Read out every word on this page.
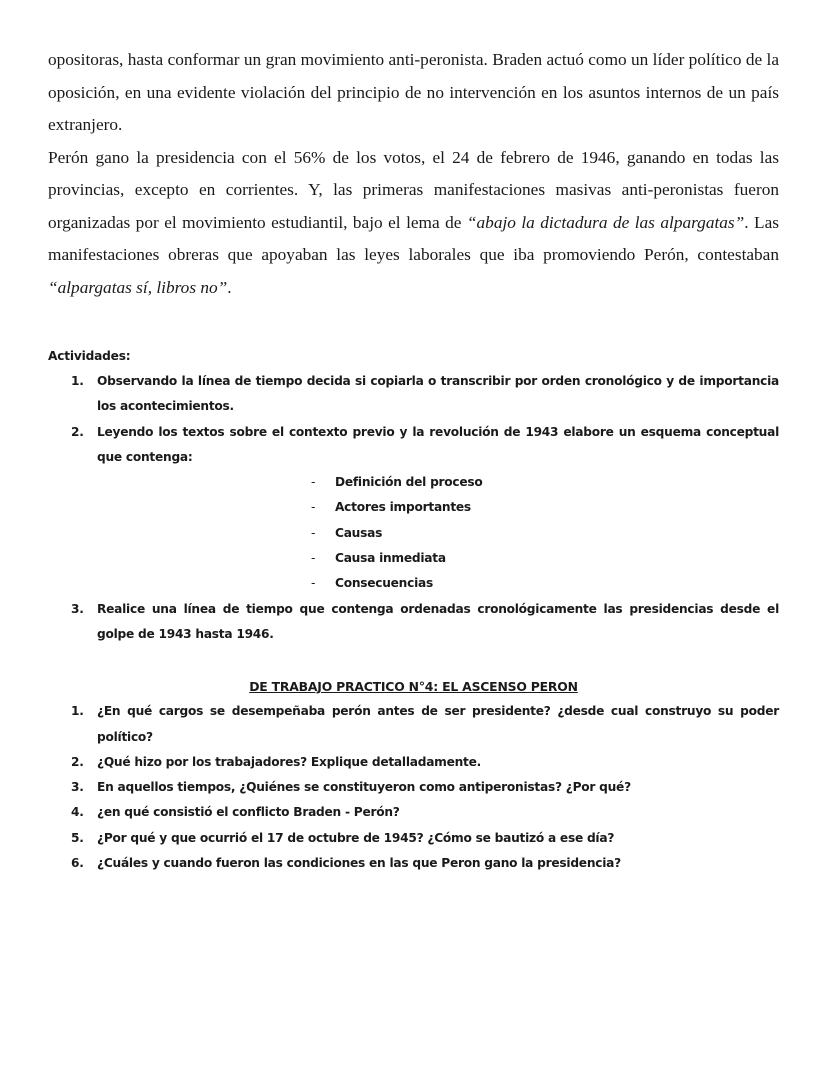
opositoras, hasta conformar un gran movimiento anti-peronista. Braden actuó como un líder político de la oposición, en una evidente violación del principio de no intervención en los asuntos internos de un país extranjero.

Perón gano la presidencia con el 56% de los votos, el 24 de febrero de 1946, ganando en todas las provincias, excepto en corrientes. Y, las primeras manifestaciones masivas anti-peronistas fueron organizadas por el movimiento estudiantil, bajo el lema de “abajo la dictadura de las alpargatas”. Las manifestaciones obreras que apoyaban las leyes laborales que iba promoviendo Perón, contestaban “alpargatas sí, libros no”.

Actividades:

1. Observando la línea de tiempo decida si copiarla o transcribir por orden cronológico y de importancia los acontecimientos.
2. Leyendo los textos sobre el contexto previo y la revolución de 1943 elabore un esquema conceptual que contenga:
- Definición del proceso
- Actores importantes
- Causas
- Causa inmediata
- Consecuencias
3. Realice una línea de tiempo que contenga ordenadas cronológicamente las presidencias desde el golpe de 1943 hasta 1946.

DE TRABAJO PRACTICO N°4: EL ASCENSO PERON

1. ¿En qué cargos se desempeñaba perón antes de ser presidente? ¿desde cual construyo su poder político?
2. ¿Qué hizo por los trabajadores? Explique detalladamente.
3. En aquellos tiempos, ¿Quiénes se constituyeron como antiperonistas? ¿Por qué?
4. ¿en qué consistió el conflicto Braden - Perón?
5. ¿Por qué y que ocurrió el 17 de octubre de 1945? ¿Cómo se bautizó a ese día?
6. ¿Cuáles y cuando fueron las condiciones en las que Peron gano la presidencia?
